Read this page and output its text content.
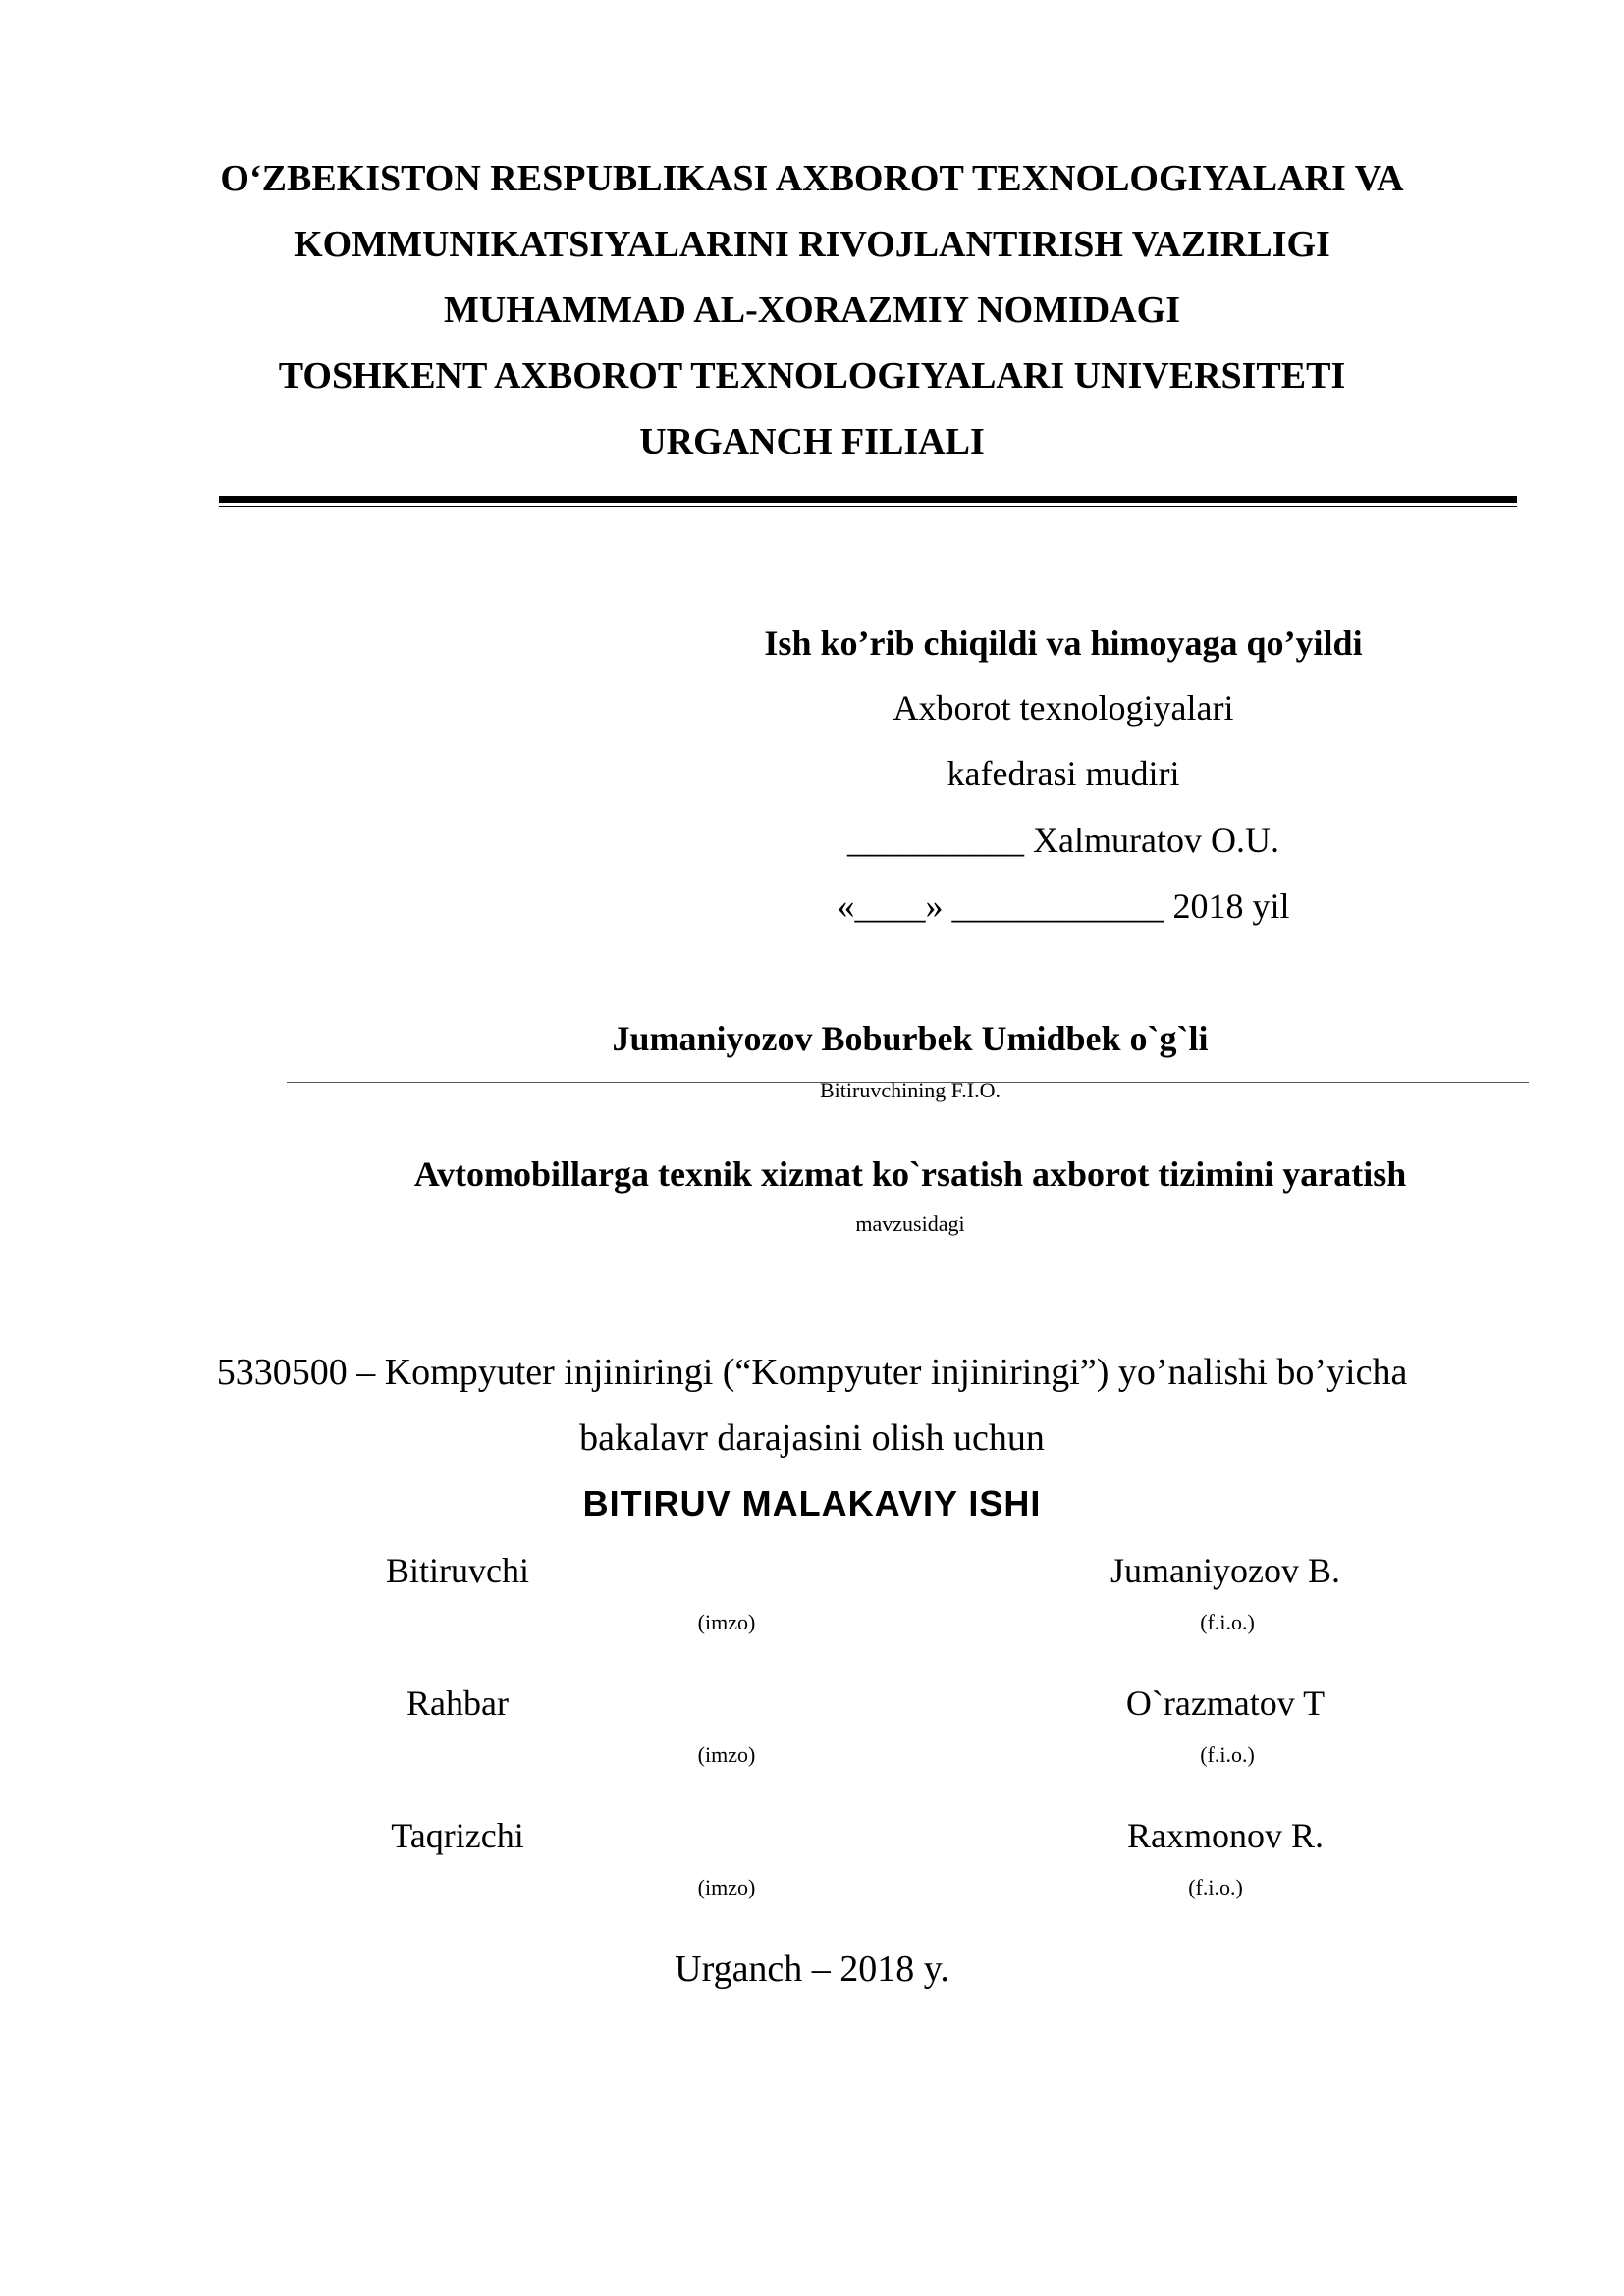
O‘ZBEKISTON RESPUBLIKASI AXBOROT TEXNOLOGIYALARI VA
KOMMUNIKATSIYALARINI RIVOJLANTIRISH VAZIRLIGI
MUHAMMAD AL-XORAZMIY NOMIDAGI
TOSHKENT AXBOROT TEXNOLOGIYALARI UNIVERSITETI
URGANCH FILIALI
Ish ko’rib chiqildi va himoyaga qo’yildi
Axborot texnologiyalari
kafedrasi mudiri
__________ Xalmuratov O.U.
«____» ____________ 2018 yil
Jumaniyozov Boburbek Umidbek o`g`li
Bitiruvchining F.I.O.
Avtomobillarga texnik xizmat ko`rsatish axborot tizimini yaratish
mavzusidagi
5330500 – Kompyuter injiniringi (“Kompyuter injiniringi”) yo’nalishi bo’yicha
bakalavr darajasini olish uchun
BITIRUV MALAKAVIY ISHI
Bitiruvchi	Jumaniyozov B.
(imzo)	(f.i.o.)
Rahbar	O`razmatov T
(imzo)	(f.i.o.)
Taqrizchi	Raxmonov R.
(imzo)	(f.i.o.)
Urganch – 2018 y.
